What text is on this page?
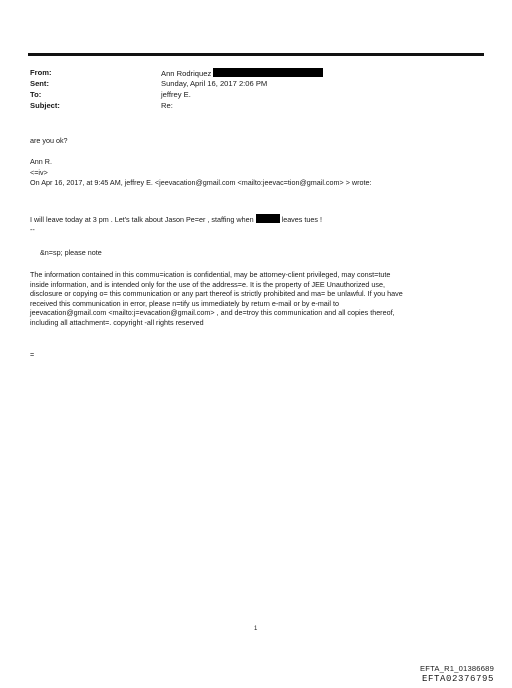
From:	Ann Rodriquez
Sent:	Sunday, April 16, 2017 2:06 PM
To:	jeffrey E.
Subject:	Re:
are you ok?
Ann R.
<=iv>
On Apr 16, 2017, at 9:45 AM, jeffrey E. <jeevacation@gmail.com <mailto:jeevac=tion@gmail.com> > wrote:
I will leave today at 3 pm . Let's talk about Jason Pe=er , staffing when	leaves tues !
--
&n=sp; please note
The information contained in this commu=ication is confidential, may be attorney-client privileged, may const=tute
inside information, and is intended only for the use of the address=e. It is the property of JEE Unauthorized use,
disclosure or copying o= this communication or any part thereof is strictly prohibited and ma= be unlawful. If you have
received this communication in error, please n=tify us immediately by return e-mail or by e-mail to
jeevacation@gmail.com <mailto:j=evacation@gmail.com> , and de=troy this communication and all copies thereof,
including all attachment=. copyright -all rights reserved
=
1
EFTA_R1_01386689
EFTA02376795
